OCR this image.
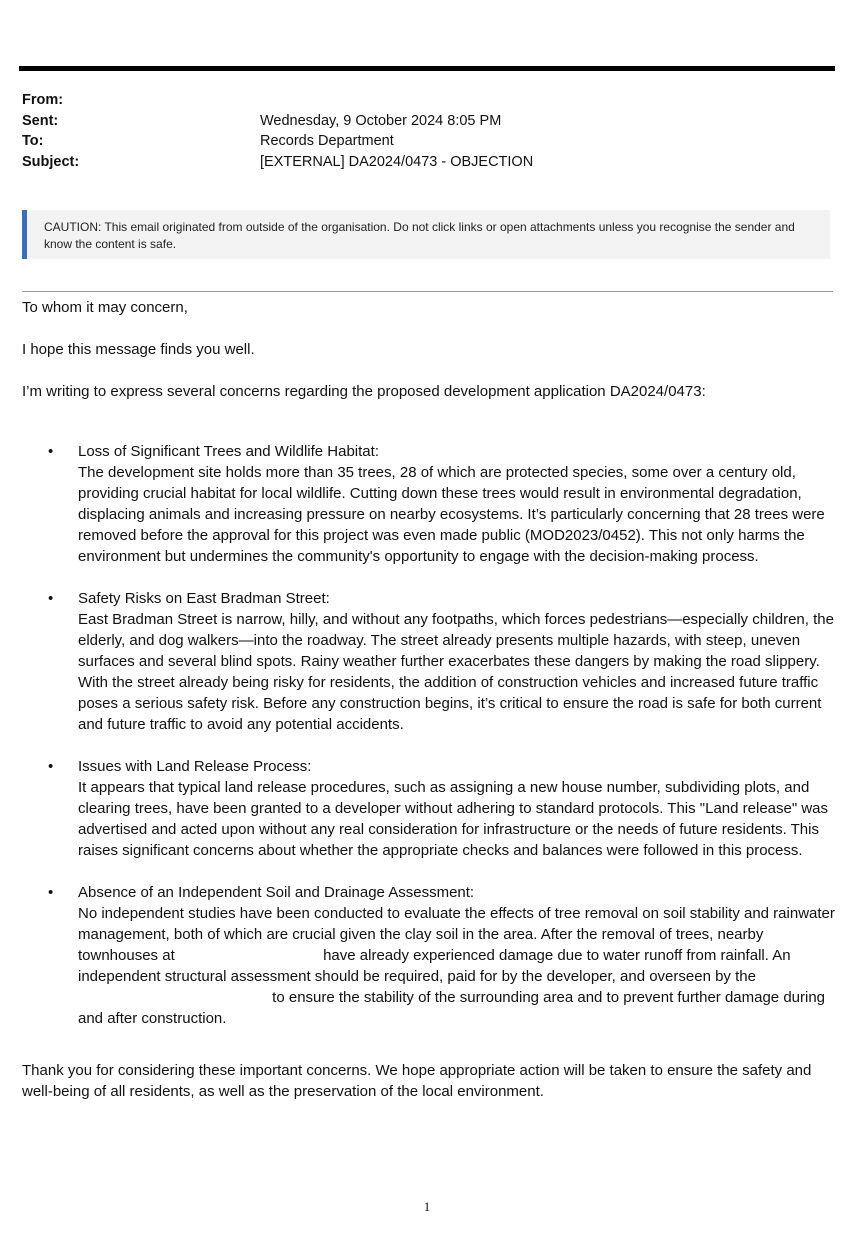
From:
Sent:	Wednesday, 9 October 2024 8:05 PM
To:	Records Department
Subject:	[EXTERNAL] DA2024/0473 - OBJECTION
CAUTION: This email originated from outside of the organisation. Do not click links or open attachments unless you recognise the sender and know the content is safe.

To whom it may concern,

I hope this message finds you well.

I’m writing to express several concerns regarding the proposed development application DA2024/0473:

• Loss of Significant Trees and Wildlife Habitat:
The development site holds more than 35 trees, 28 of which are protected species, some over a century old, providing crucial habitat for local wildlife. Cutting down these trees would result in environmental degradation, displacing animals and increasing pressure on nearby ecosystems. It’s particularly concerning that 28 trees were removed before the approval for this project was even made public (MOD2023/0452). This not only harms the environment but undermines the community's opportunity to engage with the decision-making process.
• Safety Risks on East Bradman Street:
East Bradman Street is narrow, hilly, and without any footpaths, which forces pedestrians—especially children, the elderly, and dog walkers—into the roadway. The street already presents multiple hazards, with steep, uneven surfaces and several blind spots. Rainy weather further exacerbates these dangers by making the road slippery. With the street already being risky for residents, the addition of construction vehicles and increased future traffic poses a serious safety risk. Before any construction begins, it’s critical to ensure the road is safe for both current and future traffic to avoid any potential accidents.
• Issues with Land Release Process:
It appears that typical land release procedures, such as assigning a new house number, subdividing plots, and clearing trees, have been granted to a developer without adhering to standard protocols. This "Land release" was advertised and acted upon without any real consideration for infrastructure or the needs of future residents. This raises significant concerns about whether the appropriate checks and balances were followed in this process.
• Absence of an Independent Soil and Drainage Assessment:
No independent studies have been conducted to evaluate the effects of tree removal on soil stability and rainwater management, both of which are crucial given the clay soil in the area. After the removal of trees, nearby townhouses at	have already experienced damage due to water runoff from rainfall. An independent structural assessment should be required, paid for by the developer, and overseen by the  to ensure the stability of the surrounding area and to prevent further damage during and after construction.

Thank you for considering these important concerns. We hope appropriate action will be taken to ensure the safety and well-being of all residents, as well as the preservation of the local environment.

1
